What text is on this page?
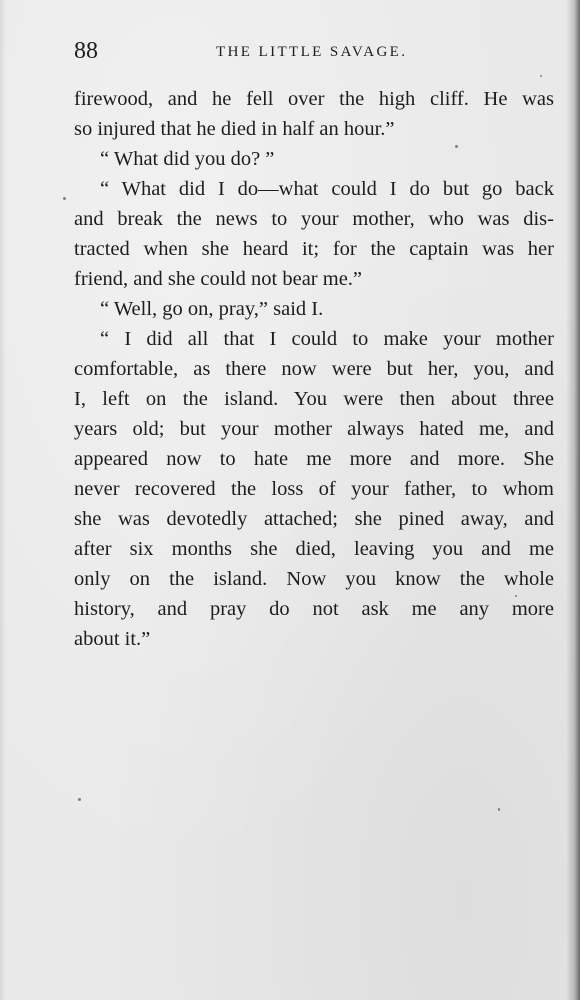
88	THE LITTLE SAVAGE.
firewood, and he fell over the high cliff. He was
so injured that he died in half an hour.”
“ What did you do? ”
“ What did I do—what could I do but go back
and break the news to your mother, who was dis-
tracted when she heard it; for the captain was her
friend, and she could not bear me.”
“ Well, go on, pray,” said I.
“ I did all that I could to make your mother
comfortable, as there now were but her, you, and
I, left on the island. You were then about three
years old; but your mother always hated me, and
appeared now to hate me more and more. She
never recovered the loss of your father, to whom
she was devotedly attached; she pined away, and
after six months she died, leaving you and me
only on the island. Now you know the whole
history, and pray do not ask me any more
about it.”
